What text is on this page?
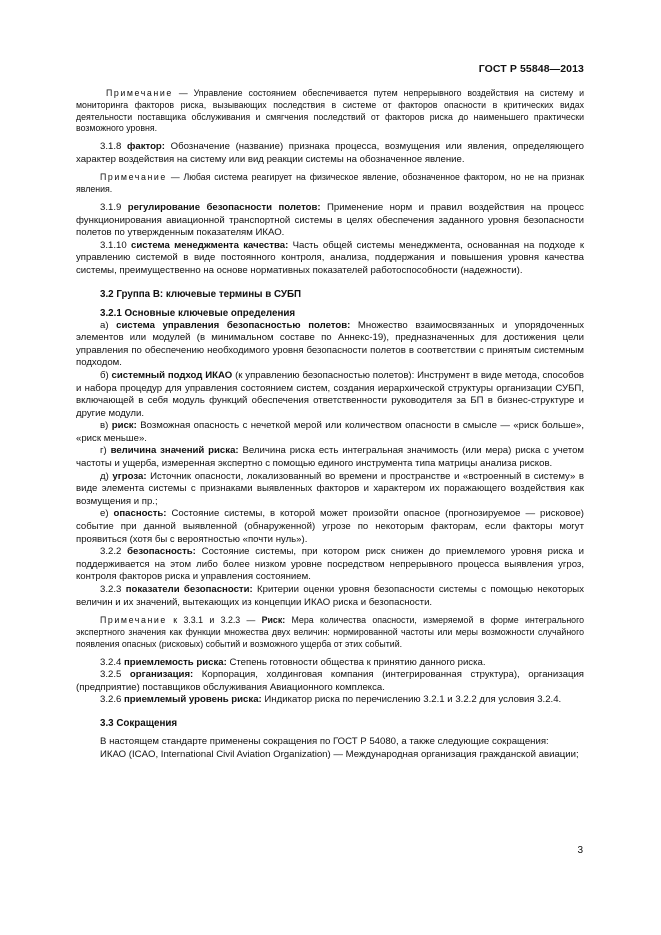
ГОСТ Р 55848—2013

Примечание — Управление состоянием обеспечивается путем непрерывного воздействия на систему и мониторинга факторов риска, вызывающих последствия в системе от факторов опасности в критических видах деятельности поставщика обслуживания и смягчения последствий от факторов риска до наименьшего практически возможного уровня.

3.1.8 фактор: Обозначение (название) признака процесса, возмущения или явления, определяющего характер воздействия на систему или вид реакции системы на обозначенное явление.

Примечание — Любая система реагирует на физическое явление, обозначенное фактором, но не на признак явления.

3.1.9 регулирование безопасности полетов: Применение норм и правил воздействия на процесс функционирования авиационной транспортной системы в целях обеспечения заданного уровня безопасности полетов по утвержденным показателям ИКАО.

3.1.10 система менеджмента качества: Часть общей системы менеджмента, основанная на подходе к управлению системой в виде постоянного контроля, анализа, поддержания и повышения уровня качества системы, преимущественно на основе нормативных показателей работоспособности (надежности).

3.2 Группа В: ключевые термины в СУБП

3.2.1 Основные ключевые определения

а) система управления безопасностью полетов: Множество взаимосвязанных и упорядоченных элементов или модулей (в минимальном составе по Аннекс-19), предназначенных для достижения цели управления по обеспечению необходимого уровня безопасности полетов в соответствии с принятым системным подходом.

б) системный подход ИКАО (к управлению безопасностью полетов): Инструмент в виде метода, способов и набора процедур для управления состоянием систем, создания иерархической структуры организации СУБП, включающей в себя модуль функций обеспечения ответственности руководителя за БП в бизнес-структуре и другие модули.

в) риск: Возможная опасность с нечеткой мерой или количеством опасности в смысле — «риск больше», «риск меньше».

г) величина значений риска: Величина риска есть интегральная значимость (или мера) риска с учетом частоты и ущерба, измеренная экспертно с помощью единого инструмента типа матрицы анализа рисков.

д) угроза: Источник опасности, локализованный во времени и пространстве и «встроенный в систему» в виде элемента системы с признаками выявленных факторов и характером их поражающего воздействия как возмущения и пр.;

е) опасность: Состояние системы, в которой может произойти опасное (прогнозируемое — рисковое) событие при данной выявленной (обнаруженной) угрозе по некоторым факторам, если факторы могут проявиться (хотя бы с вероятностью «почти нуль»).

3.2.2 безопасность: Состояние системы, при котором риск снижен до приемлемого уровня риска и поддерживается на этом либо более низком уровне посредством непрерывного процесса выявления угроз, контроля факторов риска и управления состоянием.

3.2.3 показатели безопасности: Критерии оценки уровня безопасности системы с помощью некоторых величин и их значений, вытекающих из концепции ИКАО риска и безопасности.

Примечание к 3.3.1 и 3.2.3 — Риск: Мера количества опасности, измеряемой в форме интегрального экспертного значения как функции множества двух величин: нормированной частоты или меры возможности случайного появления опасных (рисковых) событий и возможного ущерба от этих событий.

3.2.4 приемлемость риска: Степень готовности общества к принятию данного риска.

3.2.5 организация: Корпорация, холдинговая компания (интегрированная структура), организация (предприятие) поставщиков обслуживания Авиационного комплекса.

3.2.6 приемлемый уровень риска: Индикатор риска по перечислению 3.2.1 и 3.2.2 для условия 3.2.4.

3.3 Сокращения

В настоящем стандарте применены сокращения по ГОСТ Р 54080, а также следующие сокращения:

ИКАО (ICAO, International Civil Aviation Organization) — Международная организация гражданской авиации;

3
